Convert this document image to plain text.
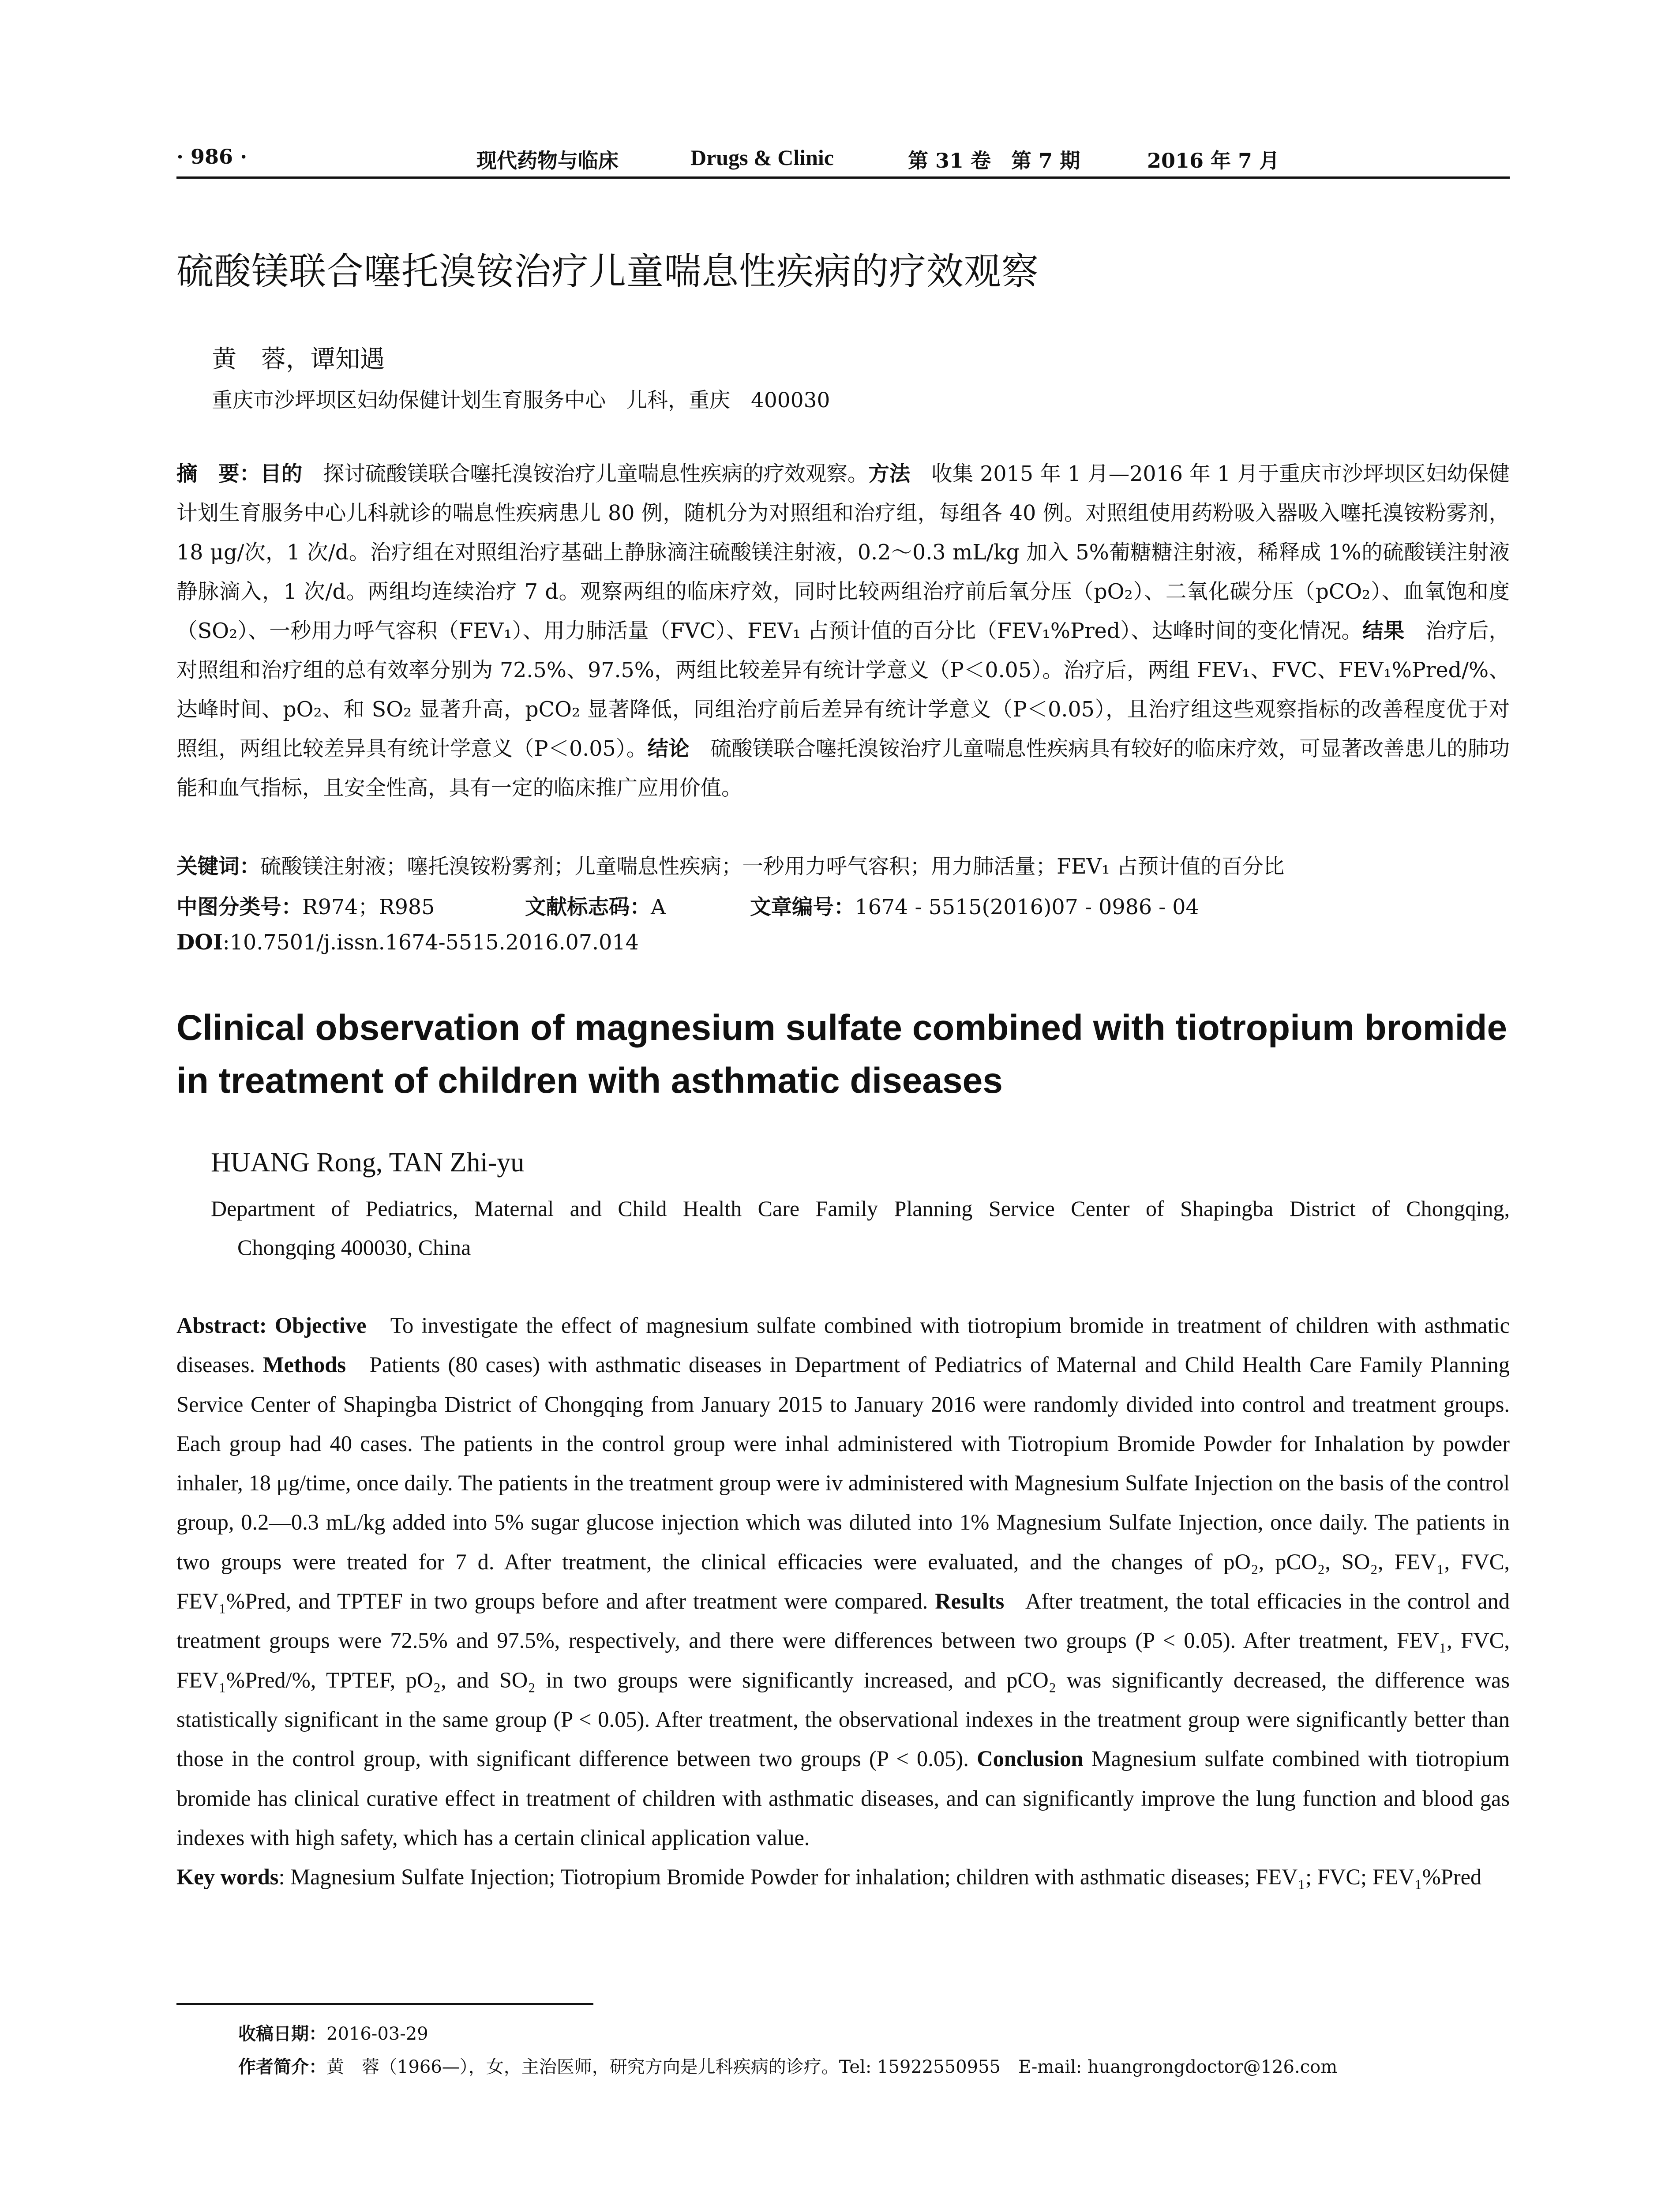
· 986 ·	现代药物与临床	Drugs & Clinic	第 31 卷　第 7 期	2016 年 7 月
硫酸镁联合噻托溴铵治疗儿童喘息性疾病的疗效观察
黄　蓉，谭知遇
重庆市沙坪坝区妇幼保健计划生育服务中心　儿科，重庆　400030
摘　要：目的　 探讨硫酸镁联合噻托溴铵治疗儿童喘息性疾病的疗效观察。方法　 收集 2015 年 1 月—2016 年 1 月于重庆市沙坪坝区妇幼保健计划生育服务中心儿科就诊的喘息性疾病患儿 80 例，随机分为对照组和治疗组，每组各 40 例。对照组使用药粉吸入器吸入噻托溴铵粉雾剂，18 μg/次，1 次/d。治疗组在对照组治疗基础上静脉滴注硫酸镁注射液，0.2～0.3 mL/kg 加入 5%葡糖糖注射液，稀释成 1%的硫酸镁注射液静脉滴入，1 次/d。两组均连续治疗 7 d。观察两组的临床疗效，同时比较两组治疗前后氧分压（pO₂）、二氧化碳分压（pCO₂）、血氧饱和度（SO₂）、一秒用力呼气容积（FEV₁）、用力肺活量（FVC）、FEV₁ 占预计值的百分比（FEV₁%Pred）、达峰时间的变化情况。结果　 治疗后，对照组和治疗组的总有效率分别为 72.5%、97.5%，两组比较差异有统计学意义（P＜0.05）。治疗后，两组 FEV₁、FVC、FEV₁%Pred/%、达峰时间、pO₂、和 SO₂ 显著升高，pCO₂ 显著降低，同组治疗前后差异有统计学意义（P＜0.05），且治疗组这些观察指标的改善程度优于对照组，两组比较差异具有统计学意义（P＜0.05）。结论　 硫酸镁联合噻托溴铵治疗儿童喘息性疾病具有较好的临床疗效，可显著改善患儿的肺功能和血气指标，且安全性高，具有一定的临床推广应用价值。
关键词：硫酸镁注射液；噻托溴铵粉雾剂；儿童喘息性疾病；一秒用力呼气容积；用力肺活量；FEV₁ 占预计值的百分比
中图分类号：R974；R985	文献标志码：A	文章编号：1674 - 5515(2016)07 - 0986 - 04
DOI:10.7501/j.issn.1674-5515.2016.07.014
Clinical observation of magnesium sulfate combined with tiotropium bromide in treatment of children with asthmatic diseases
HUANG Rong, TAN Zhi-yu
Department of Pediatrics, Maternal and Child Health Care Family Planning Service Center of Shapingba District of Chongqing,
Chongqing 400030, China
Abstract: Objective To investigate the effect of magnesium sulfate combined with tiotropium bromide in treatment of children with asthmatic diseases. Methods Patients (80 cases) with asthmatic diseases in Department of Pediatrics of Maternal and Child Health Care Family Planning Service Center of Shapingba District of Chongqing from January 2015 to January 2016 were randomly divided into control and treatment groups. Each group had 40 cases. The patients in the control group were inhal administered with Tiotropium Bromide Powder for Inhalation by powder inhaler, 18 μg/time, once daily. The patients in the treatment group were iv administered with Magnesium Sulfate Injection on the basis of the control group, 0.2—0.3 mL/kg added into 5% sugar glucose injection which was diluted into 1% Magnesium Sulfate Injection, once daily. The patients in two groups were treated for 7 d. After treatment, the clinical efficacies were evaluated, and the changes of pO₂, pCO₂, SO₂, FEV₁, FVC, FEV₁%Pred, and TPTEF in two groups before and after treatment were compared. Results After treatment, the total efficacies in the control and treatment groups were 72.5% and 97.5%, respectively, and there were differences between two groups (P < 0.05). After treatment, FEV₁, FVC, FEV₁%Pred/%, TPTEF, pO₂, and SO₂ in two groups were significantly increased, and pCO₂ was significantly decreased, the difference was statistically significant in the same group (P < 0.05). After treatment, the observational indexes in the treatment group were significantly better than those in the control group, with significant difference between two groups (P < 0.05). Conclusion Magnesium sulfate combined with tiotropium bromide has clinical curative effect in treatment of children with asthmatic diseases, and can significantly improve the lung function and blood gas indexes with high safety, which has a certain clinical application value.
Key words: Magnesium Sulfate Injection; Tiotropium Bromide Powder for inhalation; children with asthmatic diseases; FEV₁; FVC; FEV₁%Pred
收稿日期：2016-03-29
作者简介：黄　蓉（1966—），女，主治医师，研究方向是儿科疾病的诊疗。Tel: 15922550955　E-mail: huangrongdoctor@126.com
